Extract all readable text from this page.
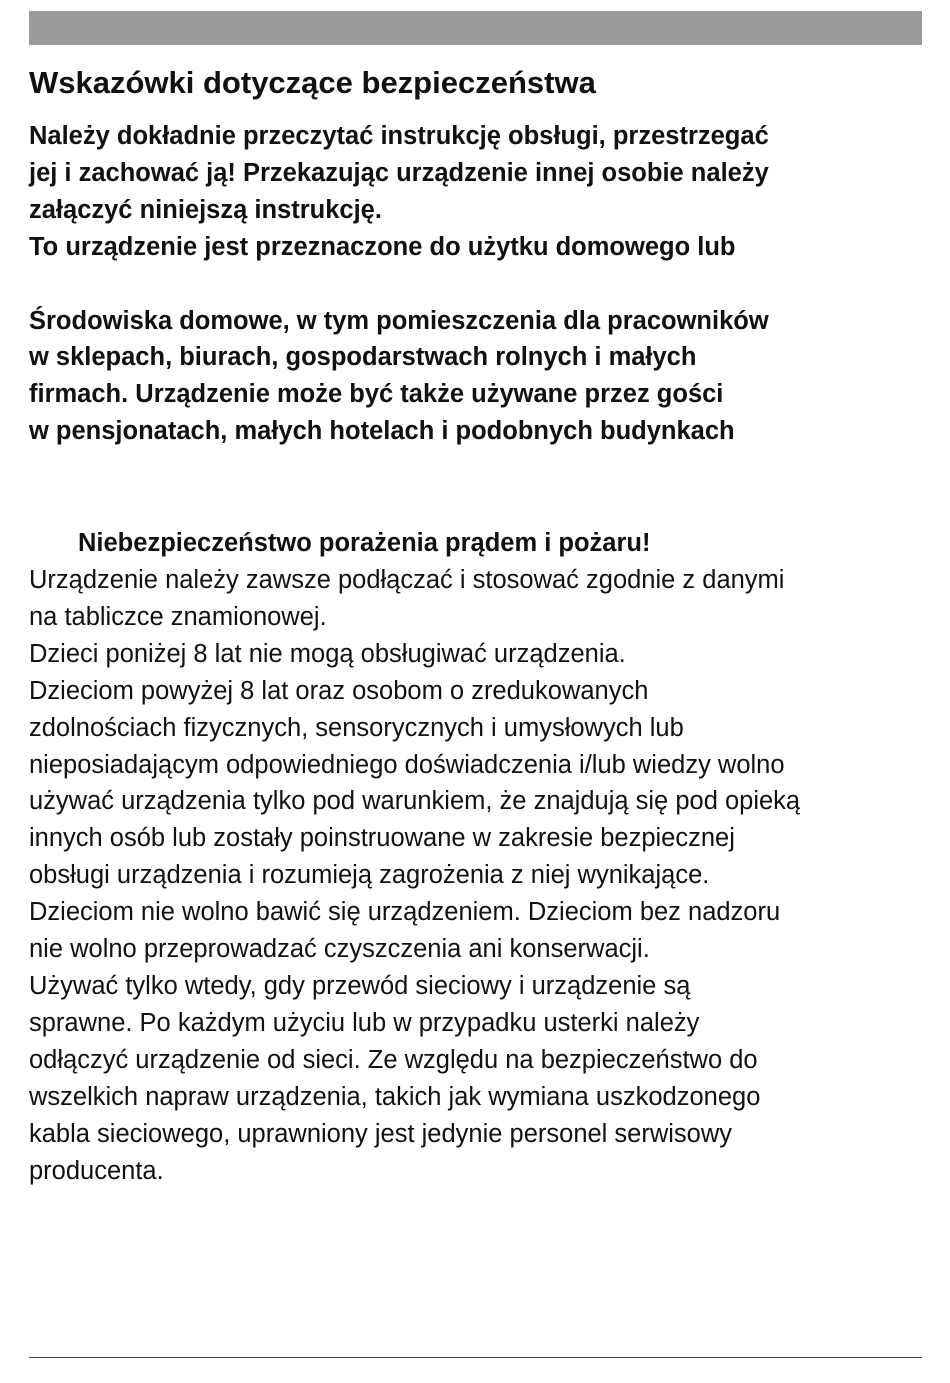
Wskazówki dotyczące bezpieczeństwa
Należy dokładnie przeczytać instrukcję obsługi, przestrzegać
jej i zachować ją! Przekazując urządzenie innej osobie należy
załączyć niniejszą instrukcję.
To urządzenie jest przeznaczone do użytku domowego lub
Środowiska domowe, w tym pomieszczenia dla pracowników
w sklepach, biurach, gospodarstwach rolnych i małych
firmach. Urządzenie może być także używane przez gości
w pensjonatach, małych hotelach i podobnych budynkach
Niebezpieczeństwo porażenia prądem i pożaru!
Urządzenie należy zawsze podłączać i stosować zgodnie z danymi
na tabliczce znamionowej.
Dzieci poniżej 8 lat nie mogą obsługiwać urządzenia.
Dzieciom powyżej 8 lat oraz osobom o zredukowanych
zdolnościach fizycznych, sensorycznych i umysłowych lub
nieposiadającym odpowiedniego doświadczenia i/lub wiedzy wolno
używać urządzenia tylko pod warunkiem, że znajdują się pod opieką
innych osób lub zostały poinstruowane w zakresie bezpiecznej
obsługi urządzenia i rozumieją zagrożenia z niej wynikające.
Dzieciom nie wolno bawić się urządzeniem. Dzieciom bez nadzoru
nie wolno przeprowadzać czyszczenia ani konserwacji.
Używać tylko wtedy, gdy przewód sieciowy i urządzenie są
sprawne. Po każdym użyciu lub w przypadku usterki należy
odłączyć urządzenie od sieci. Ze względu na bezpieczeństwo do
wszelkich napraw urządzenia, takich jak wymiana uszkodzonego
kabla sieciowego, uprawniony jest jedynie personel serwisowy
producenta.
